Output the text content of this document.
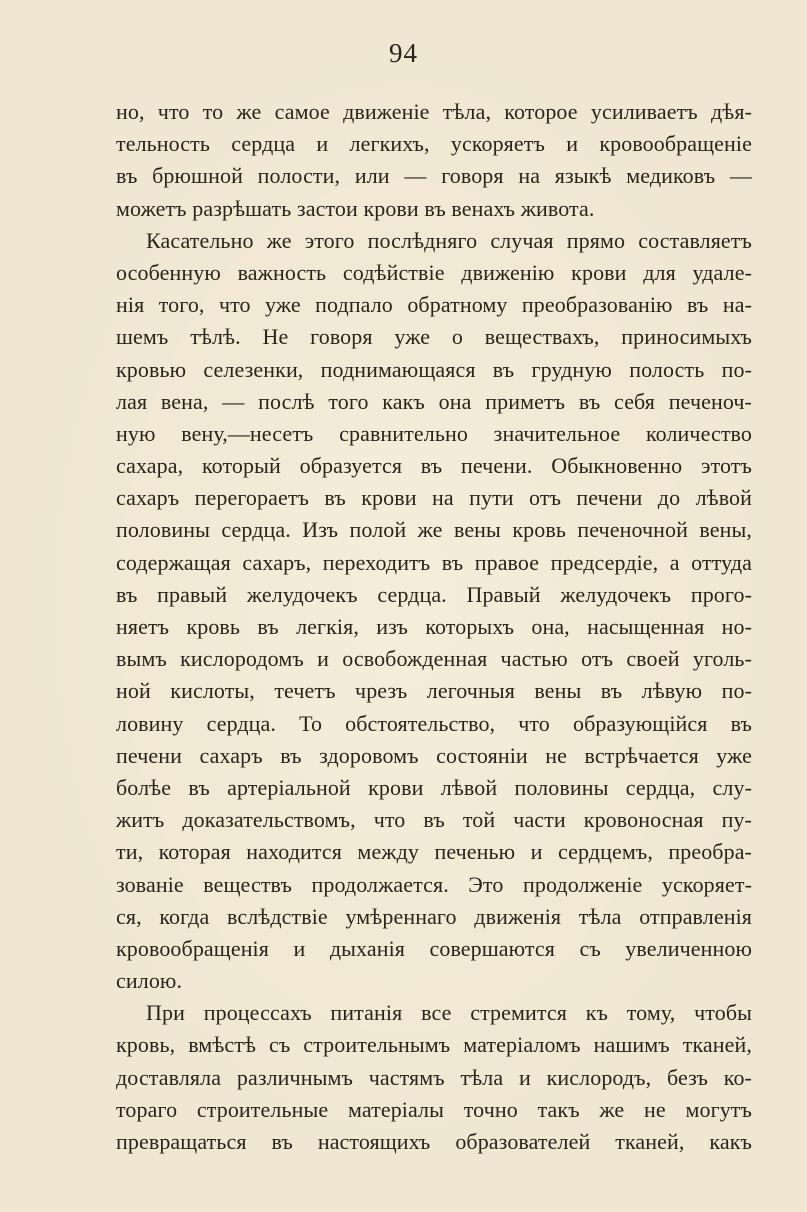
94
но, что то же самое движеніе тѣла, которое усиливаетъ дѣя-
тельность сердца и легкихъ, ускоряетъ и кровообращеніе
въ брюшной полости, или — говоря на языкѣ медиковъ —
можетъ разрѣшать застои крови въ венахъ живота.
Касательно же этого послѣдняго случая прямо составляетъ
особенную важность содѣйствіе движенію крови для удале-
нія того, что уже подпало обратному преобразованію въ на-
шемъ тѣлѣ. Не говоря уже о веществахъ, приносимыхъ
кровью селезенки, поднимающаяся въ грудную полость по-
лая вена, — послѣ того какъ она приметъ въ себя печеноч-
ную вену,—несетъ сравнительно значительное количество
сахара, который образуется въ печени. Обыкновенно этотъ
сахаръ перегораетъ въ крови на пути отъ печени до лѣвой
половины сердца. Изъ полой же вены кровь печеночной вены,
содержащая сахаръ, переходитъ въ правое предсердіе, а оттуда
въ правый желудочекъ сердца. Правый желудочекъ прого-
няетъ кровь въ легкія, изъ которыхъ она, насыщенная но-
вымъ кислородомъ и освобожденная частью отъ своей уголь-
ной кислоты, течетъ чрезъ легочныя вены въ лѣвую по-
ловину сердца. То обстоятельство, что образующійся въ
печени сахаръ въ здоровомъ состояніи не встрѣчается уже
болѣе въ артеріальной крови лѣвой половины сердца, слу-
житъ доказательствомъ, что въ той части кровоносная пу-
ти, которая находится между печенью и сердцемъ, преобра-
зованіе веществъ продолжается. Это продолженіе ускоряет-
ся, когда вслѣдствіе умѣреннаго движенія тѣла отправленія
кровообращенія и дыханія совершаются съ увеличенною
силою.
При процессахъ питанія все стремится къ тому, чтобы
кровь, вмѣстѣ съ строительнымъ матеріаломъ нашимъ тканей,
доставляла различнымъ частямъ тѣла и кислородъ, безъ ко-
тораго строительные матеріалы точно такъ же не могутъ
превращаться въ настоящихъ образователей тканей, какъ
